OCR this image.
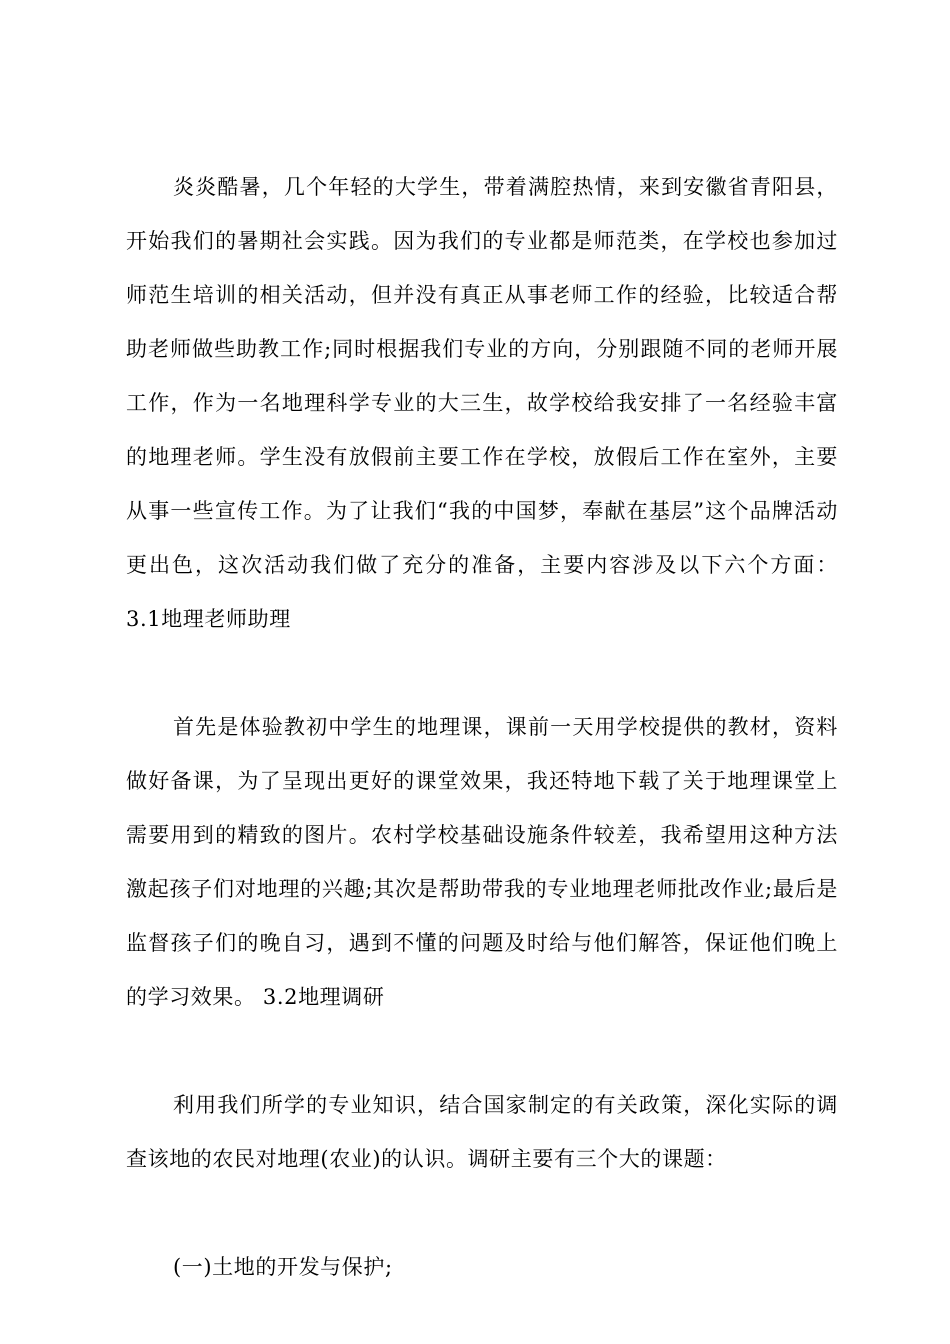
炎炎酷暑，几个年轻的大学生，带着满腔热情，来到安徽省青阳县，开始我们的暑期社会实践。因为我们的专业都是师范类，在学校也参加过师范生培训的相关活动，但并没有真正从事老师工作的经验，比较适合帮助老师做些助教工作;同时根据我们专业的方向，分别跟随不同的老师开展工作，作为一名地理科学专业的大三生，故学校给我安排了一名经验丰富的地理老师。学生没有放假前主要工作在学校，放假后工作在室外，主要从事一些宣传工作。为了让我们“我的中国梦，奉献在基层”这个品牌活动更出色，这次活动我们做了充分的准备，主要内容涉及以下六个方面： 3.1地理老师助理

首先是体验教初中学生的地理课，课前一天用学校提供的教材，资料做好备课，为了呈现出更好的课堂效果，我还特地下载了关于地理课堂上需要用到的精致的图片。农村学校基础设施条件较差，我希望用这种方法激起孩子们对地理的兴趣;其次是帮助带我的专业地理老师批改作业;最后是监督孩子们的晚自习，遇到不懂的问题及时给与他们解答，保证他们晚上的学习效果。 3.2地理调研

利用我们所学的专业知识，结合国家制定的有关政策，深化实际的调查该地的农民对地理(农业)的认识。调研主要有三个大的课题：

(一)土地的开发与保护;
